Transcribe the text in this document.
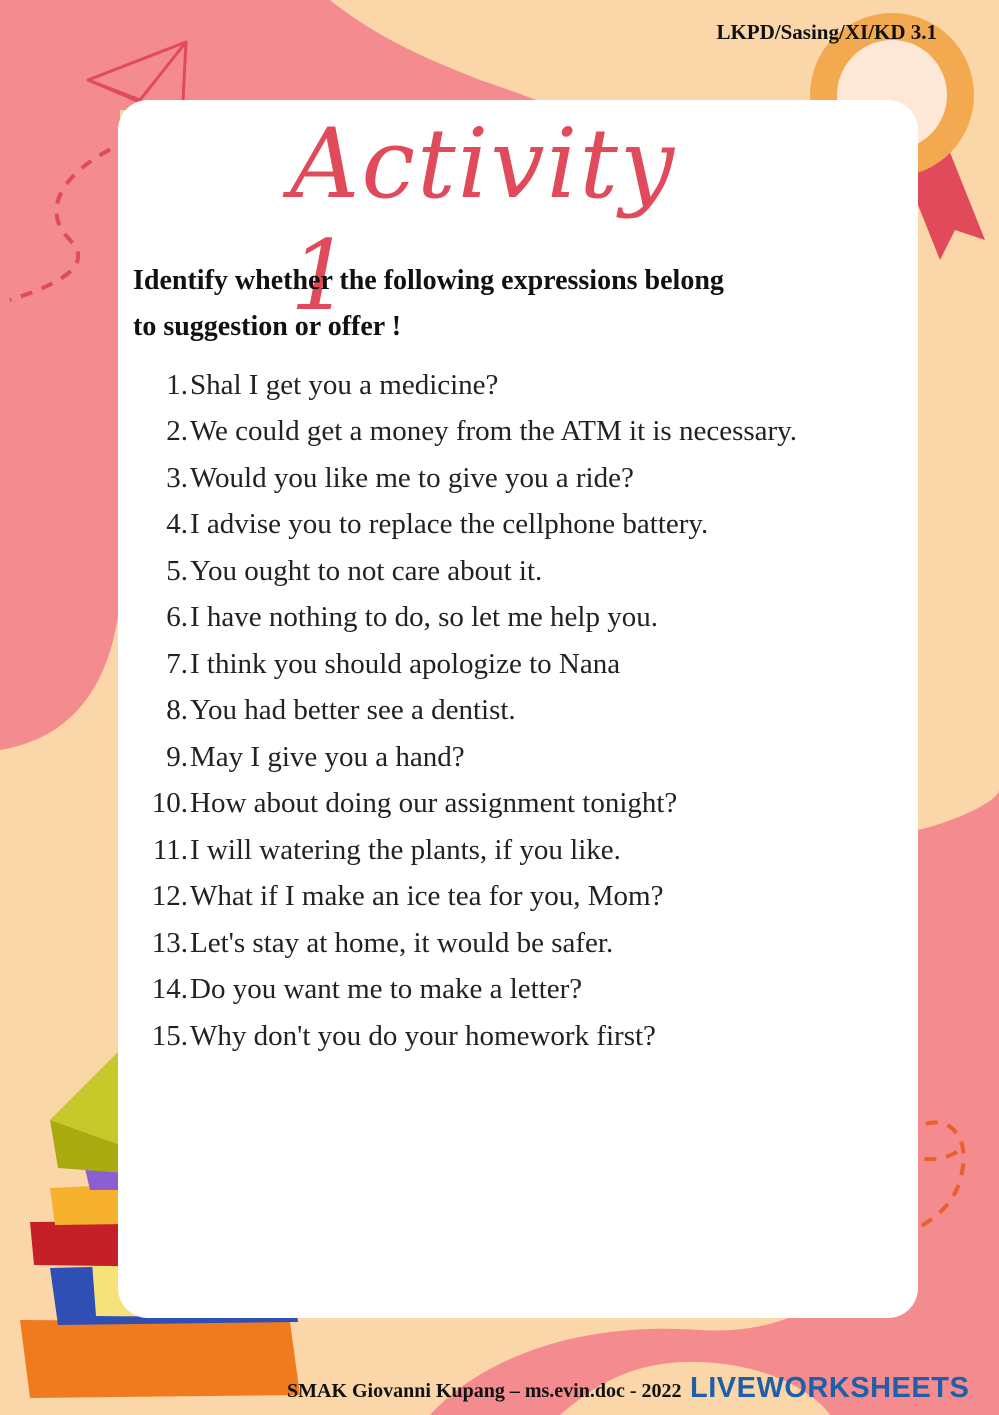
LKPD/Sasing/XI/KD 3.1
Activity 1
Identify whether the following expressions belong
to suggestion or offer !
1. Shal I get you a medicine?
2. We could get a money from the ATM it is necessary.
3. Would you like me to give you a ride?
4. I advise you to replace the cellphone battery.
5. You ought to not care about it.
6. I have nothing to do, so let me help you.
7. I think you should apologize to Nana
8. You had better see a dentist.
9. May I give you a hand?
10. How about doing our assignment tonight?
11. I will watering the plants, if you like.
12. What if I make an ice tea for you, Mom?
13. Let's stay at home, it would be safer.
14. Do you want me to make a letter?
15. Why don't you do your homework first?
SMAK Giovanni Kupang – ms.evin.doc - 2022 LIVEWORKSHEETS
